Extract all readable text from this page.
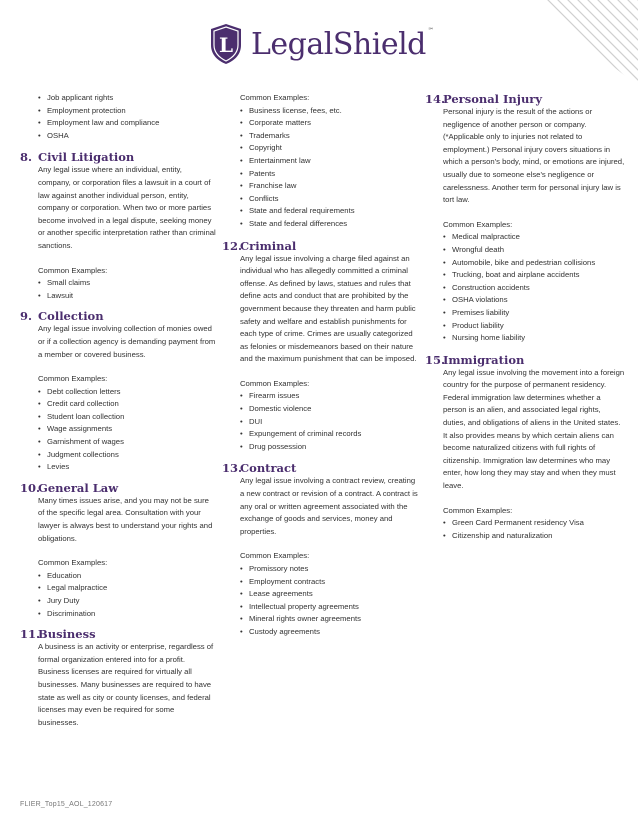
L LegalShield ℠
• Job applicant rights
• Employment protection
• Employment law and compliance
• OSHA
8. Civil Litigation

Any legal issue where an individual, entity, company, or corporation files a lawsuit in a court of law against another individual person, entity, company or corporation. When two or more parties become involved in a legal dispute, seeking money or another specific interpretation rather than criminal sanctions.

Common Examples:
• Small claims
• Lawsuit
9. Collection

Any legal issue involving collection of monies owed or if a collection agency is demanding payment from a member or covered business.

Common Examples:
• Debt collection letters
• Credit card collection
• Student loan collection
• Wage assignments
• Garnishment of wages
• Judgment collections
• Levies
10.
General Law

Many times issues arise, and you may not be sure of the specific legal area. Consultation with your lawyer is always best to understand your rights and obligations.

Common Examples:
• Education
• Legal malpractice
• Jury Duty
• Discrimination
11.
Business

A business is an activity or enterprise, regardless of formal organization entered into for a profit. Business licenses are required for virtually all businesses. Many businesses are required to have state as well as city or county licenses, and federal licenses may even be required for some businesses.

Common Examples:
• Business license, fees, etc.
• Corporate matters
• Trademarks
• Copyright
• Entertainment law
• Patents
• Franchise law
• Conflicts
• State and federal requirements
• State and federal differences
12.
Criminal

Any legal issue involving a charge filed against an individual who has allegedly committed a criminal offense. As defined by laws, statues and rules that define acts and conduct that are prohibited by the government because they threaten and harm public safety and welfare and establish punishments for each type of crime. Crimes are usually categorized as felonies or misdemeanors based on their nature and the maximum punishment that can be imposed.

Common Examples:
• Firearm issues
• Domestic violence
• DUI
• Expungement of criminal records
• Drug possession
13.
Contract

Any legal issue involving a contract review, creating a new contract or revision of a contract. A contract is any oral or written agreement associated with the exchange of goods and services, money and properties.

Common Examples:
• Promissory notes
• Employment contracts
• Lease agreements
• Intellectual property agreements
• Mineral rights owner agreements
• Custody agreements
14.
Personal Injury

Personal injury is the result of the actions or negligence of another person or company. (*Applicable only to injuries not related to employment.) Personal injury covers situations in which a person's body, mind, or emotions are injured, usually due to someone else's negligence or carelessness. Another term for personal injury law is tort law.

Common Examples:
• Medical malpractice
• Wrongful death
• Automobile, bike and pedestrian collisions
• Trucking, boat and airplane accidents
• Construction accidents
• OSHA violations
• Premises liability
• Product liability
• Nursing home liability
15.
Immigration

Any legal issue involving the movement into a foreign country for the purpose of permanent residency. Federal immigration law determines whether a person is an alien, and associated legal rights, duties, and obligations of aliens in the United states. It also provides means by which certain aliens can become naturalized citizens with full rights of citizenship. Immigration law determines who may enter, how long they may stay and when they must leave.

Common Examples:
• Green Card Permanent residency Visa
• Citizenship and naturalization
FLIER_Top15_AOL_120617
